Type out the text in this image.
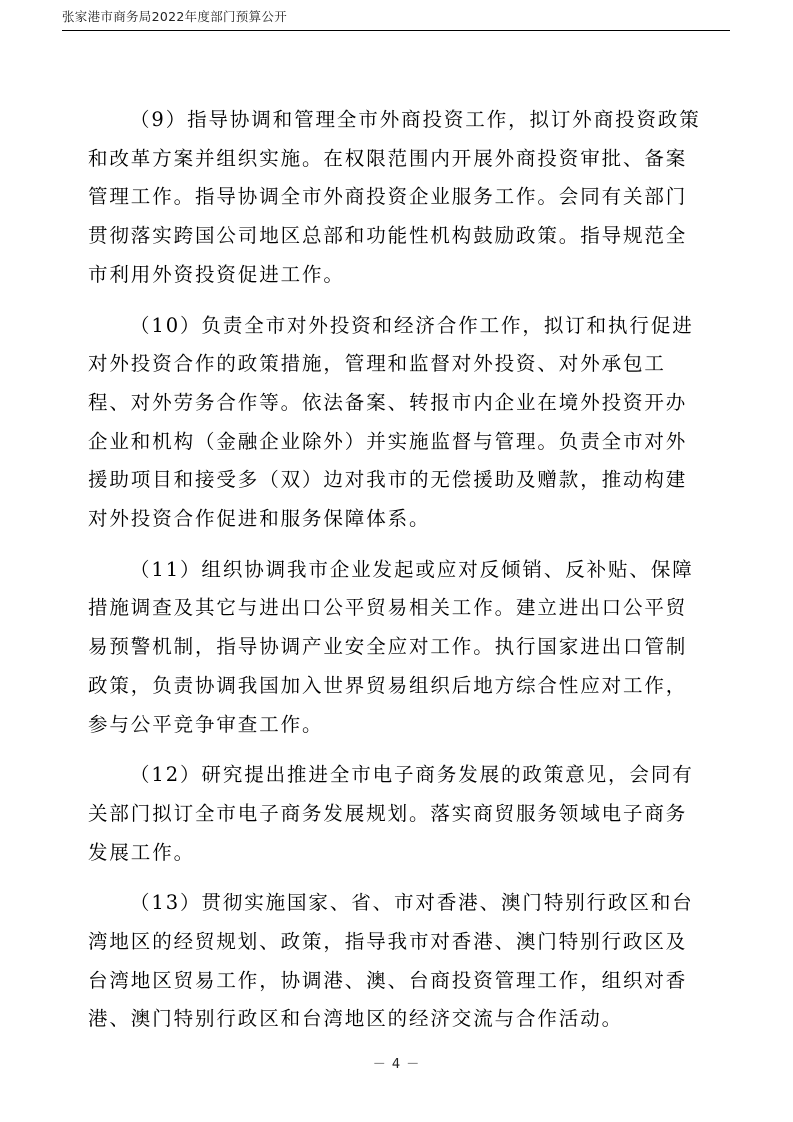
张家港市商务局2022年度部门预算公开

（9）指导协调和管理全市外商投资工作，拟订外商投资政策
和改革方案并组织实施。在权限范围内开展外商投资审批、备案
管理工作。指导协调全市外商投资企业服务工作。会同有关部门
贯彻落实跨国公司地区总部和功能性机构鼓励政策。指导规范全
市利用外资投资促进工作。

（10）负责全市对外投资和经济合作工作，拟订和执行促进
对外投资合作的政策措施，管理和监督对外投资、对外承包工
程、对外劳务合作等。依法备案、转报市内企业在境外投资开办
企业和机构（金融企业除外）并实施监督与管理。负责全市对外
援助项目和接受多（双）边对我市的无偿援助及赠款，推动构建
对外投资合作促进和服务保障体系。

（11）组织协调我市企业发起或应对反倾销、反补贴、保障
措施调查及其它与进出口公平贸易相关工作。建立进出口公平贸
易预警机制，指导协调产业安全应对工作。执行国家进出口管制
政策，负责协调我国加入世界贸易组织后地方综合性应对工作，
参与公平竞争审查工作。

（12）研究提出推进全市电子商务发展的政策意见，会同有
关部门拟订全市电子商务发展规划。落实商贸服务领域电子商务
发展工作。

（13）贯彻实施国家、省、市对香港、澳门特别行政区和台
湾地区的经贸规划、政策，指导我市对香港、澳门特别行政区及
台湾地区贸易工作，协调港、澳、台商投资管理工作，组织对香
港、澳门特别行政区和台湾地区的经济交流与合作活动。

－ 4 －
